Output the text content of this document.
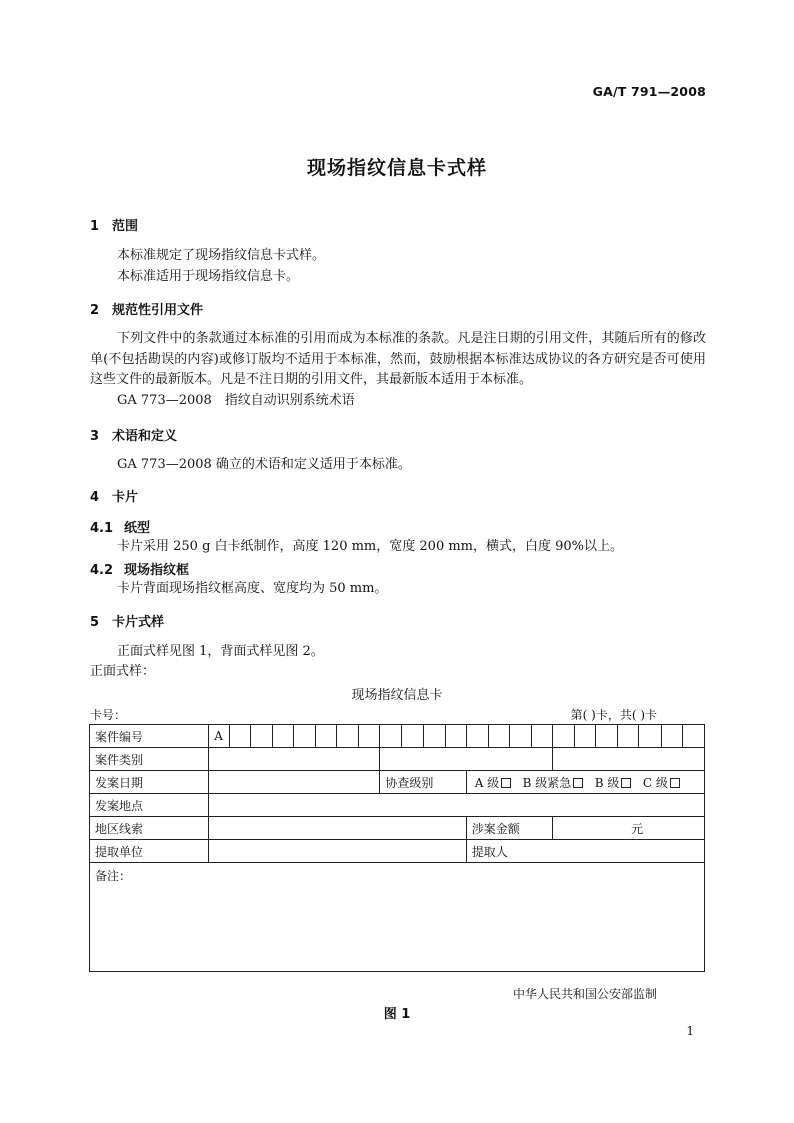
GA/T 791—2008
现场指纹信息卡式样
1 范围
本标准规定了现场指纹信息卡式样。
本标准适用于现场指纹信息卡。
2 规范性引用文件
下列文件中的条款通过本标准的引用而成为本标准的条款。凡是注日期的引用文件，其随后所有的修改单(不包括勘误的内容)或修订版均不适用于本标准，然而，鼓励根据本标准达成协议的各方研究是否可使用这些文件的最新版本。凡是不注日期的引用文件，其最新版本适用于本标准。
GA 773—2008　指纹自动识别系统术语
3 术语和定义
GA 773—2008 确立的术语和定义适用于本标准。
4 卡片
4.1 纸型
卡片采用 250 g 白卡纸制作，高度 120 mm，宽度 200 mm，横式，白度 90%以上。
4.2 现场指纹框
卡片背面现场指纹框高度、宽度均为 50 mm。
5 卡片式样
正面式样见图 1，背面式样见图 2。
正面式样：
现场指纹信息卡
卡号：	第( )卡，共( )卡
案件编号	A																						
案件类别																							
发案日期									协查级别				A 级 B 级紧急 B 级 C 级										
发案地点																							
地区线索													涉案金额				元						
提取单位													提取人										
备注：																							
中华人民共和国公安部监制
图 1
1
